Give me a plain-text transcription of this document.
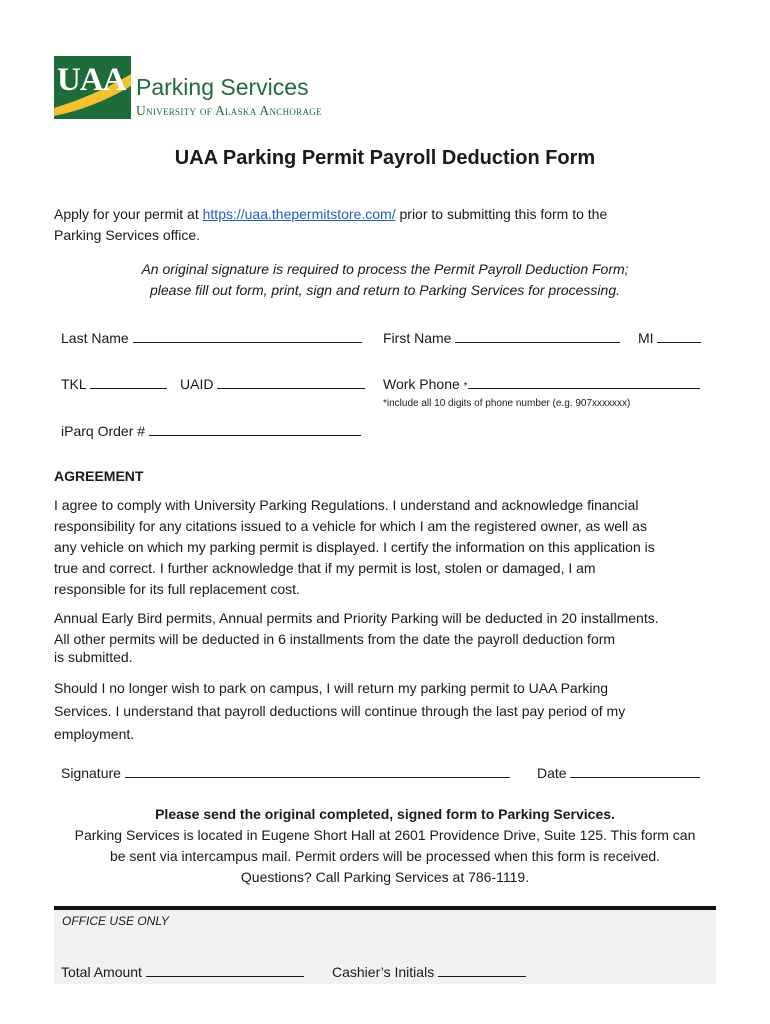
UAA Parking Services
University of Alaska Anchorage
UAA Parking Permit Payroll Deduction Form
Apply for your permit at https://uaa.thepermitstore.com/ prior to submitting this form to the
Parking Services office.
An original signature is required to process the Permit Payroll Deduction Form;
please fill out form, print, sign and return to Parking Services for processing.
Last Name	First Name	MI
TKL	UAID	Work Phone *
*include all 10 digits of phone number (e.g. 907xxxxxxx)
iParq Order #
AGREEMENT
I agree to comply with University Parking Regulations. I understand and acknowledge financial
responsibility for any citations issued to a vehicle for which I am the registered owner, as well as
any vehicle on which my parking permit is displayed. I certify the information on this application is
true and correct. I further acknowledge that if my permit is lost, stolen or damaged, I am
responsible for its full replacement cost.
Annual Early Bird permits, Annual permits and Priority Parking will be deducted in 20 installments.
All other permits will be deducted in 6 installments from the date the payroll deduction form
is submitted.
Should I no longer wish to park on campus, I will return my parking permit to UAA Parking
Services. I understand that payroll deductions will continue through the last pay period of my
employment.
Signature	Date
Please send the original completed, signed form to Parking Services.
Parking Services is located in Eugene Short Hall at 2601 Providence Drive, Suite 125. This form can
be sent via intercampus mail. Permit orders will be processed when this form is received.
Questions? Call Parking Services at 786-1119.
OFFICE USE ONLY
Total Amount	Cashier’s Initials
